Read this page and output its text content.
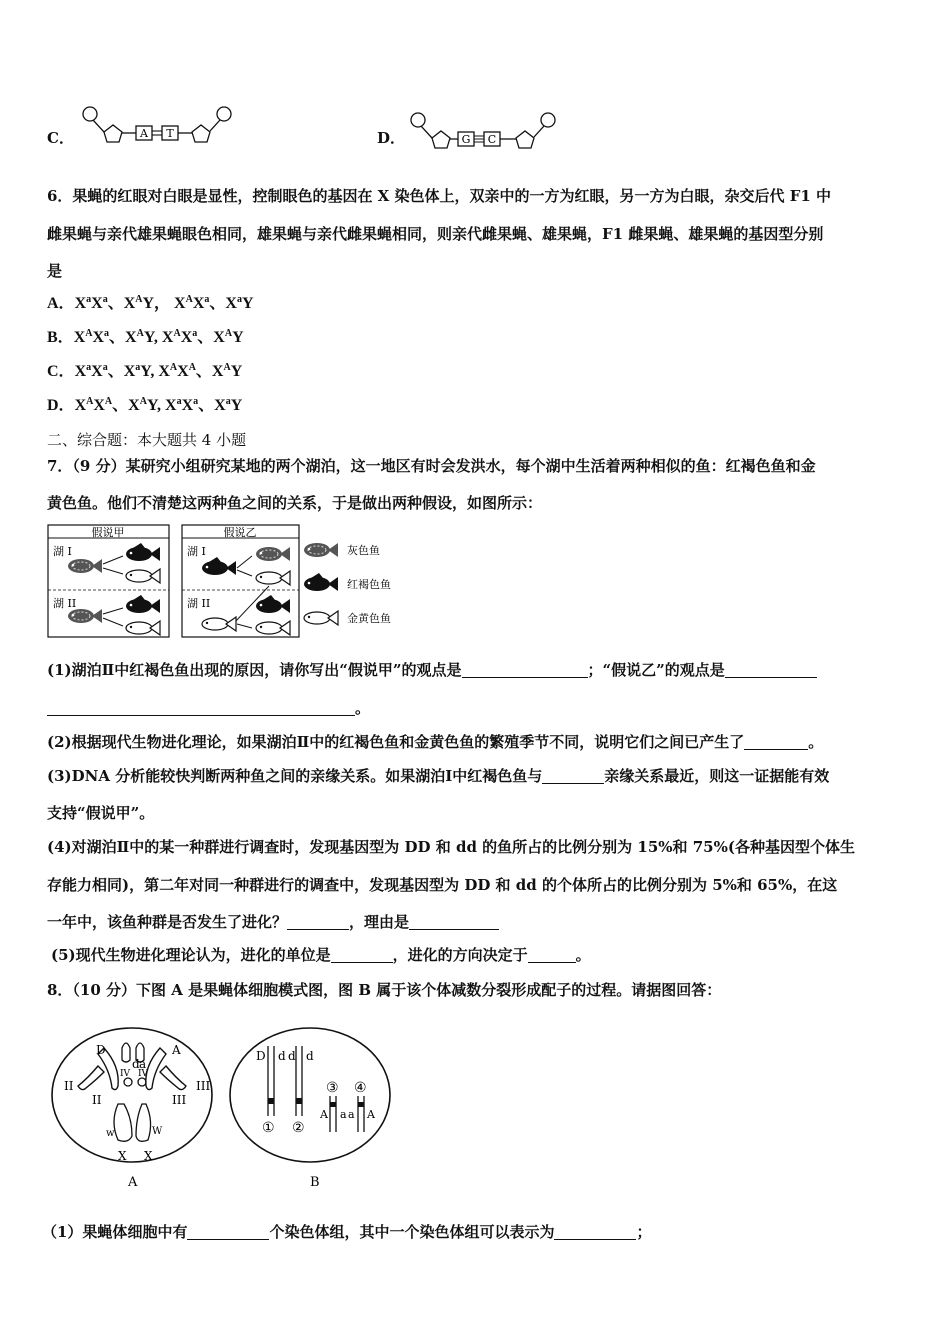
C．	A T	D．	G C
6．果蝇的红眼对白眼是显性，控制眼色的基因在 X 染色体上，双亲中的一方为红眼，另一方为白眼，杂交后代 F1 中
雌果蝇与亲代雄果蝇眼色相同，雄果蝇与亲代雌果蝇相同，则亲代雌果蝇、雄果蝇，F1 雌果蝇、雄果蝇的基因型分别
是
A．$X^aX^a$、$X^AY$， $X^AX^a$、$X^aY$
B．$X^AX^a$、$X^AY$, $X^AX^a$、$X^AY$
C．$X^aX^a$、$X^aY$, $X^AX^A$、$X^AY$
D．$X^AX^A$、$X^AY$, $X^aX^a$、$X^aY$
二、综合题：本大题共 4 小题
7．（9 分）某研究小组研究某地的两个湖泊，这一地区有时会发洪水，每个湖中生活着两种相似的鱼：红褐色鱼和金
黄色鱼。他们不清楚这两种鱼之间的关系，于是做出两种假设，如图所示：
假说甲
湖 I
湖 II
假说乙
湖 I
湖 II
灰色鱼
红褐色鱼
金黄色鱼
(1)湖泊Ⅱ中红褐色鱼出现的原因，请你写出“假说甲”的观点是	；“假说乙”的观点是
。
(2)根据现代生物进化理论，如果湖泊Ⅱ中的红褐色鱼和金黄色鱼的繁殖季节不同，说明它们之间已产生了	。
(3)DNA 分析能较快判断两种鱼之间的亲缘关系。如果湖泊Ⅰ中红褐色鱼与	亲缘关系最近，则这一证据能有效
支持“假说甲”。
(4)对湖泊Ⅱ中的某一种群进行调查时，发现基因型为 DD 和 dd 的鱼所占的比例分别为 15%和 75%(各种基因型个体生
存能力相同)，第二年对同一种群进行的调查中，发现基因型为 DD 和 dd 的个体所占的比例分别为 5%和 65%，在这
一年中，该鱼种群是否发生了进化？	，理由是
(5)现代生物进化理论认为，进化的单位是	，进化的方向决定于	。
8．（10 分）下图 A 是果蝇体细胞模式图，图 B 属于该个体减数分裂形成配子的过程。请据图回答：
D
d a
A
II
II	III
III
IV IV
w	W
X X
A
D d d d
A a a A
① ②
③ ④
B
（1）果蝇体细胞中有	个染色体组，其中一个染色体组可以表示为	；
